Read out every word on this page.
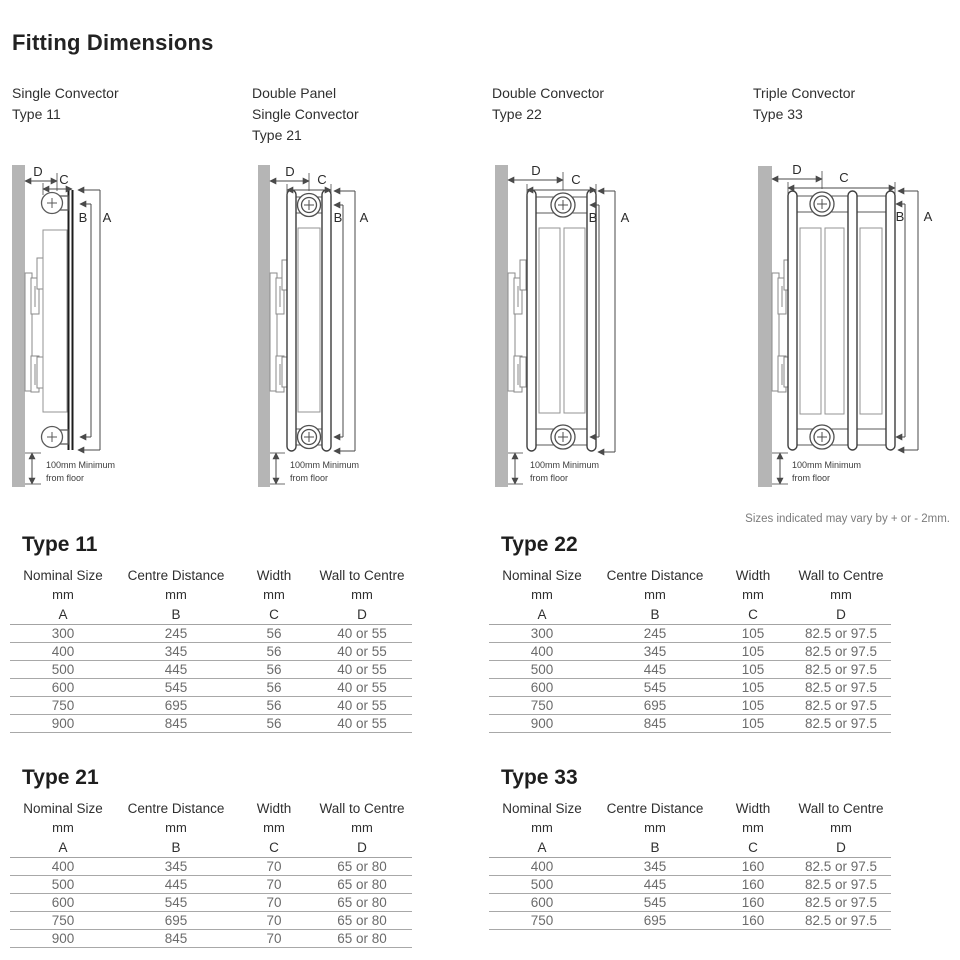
Fitting Dimensions
Single Convector
Type 11
Double Panel
Single Convector
Type 21
Double Convector
Type 22
Triple Convector
Type 33
D
C
B A
100mm Minimum
from floor
D
C
B A
100mm Minimum
from floor
D
C
B A
100mm Minimum
from floor
D
C
B A
100mm Minimum
from floor
Sizes indicated may vary by + or - 2mm.
Type 11
Nominal Size	Centre Distance	Width	Wall to Centre
mm	mm	mm	mm
A	B	C	D
300	245	56	40 or 55
400	345	56	40 or 55
500	445	56	40 or 55
600	545	56	40 or 55
750	695	56	40 or 55
900	845	56	40 or 55
Type 22
Nominal Size	Centre Distance	Width	Wall to Centre
mm	mm	mm	mm
A	B	C	D
300	245	105	82.5 or 97.5
400	345	105	82.5 or 97.5
500	445	105	82.5 or 97.5
600	545	105	82.5 or 97.5
750	695	105	82.5 or 97.5
900	845	105	82.5 or 97.5
Type 21
Nominal Size	Centre Distance	Width	Wall to Centre
mm	mm	mm	mm
A	B	C	D
400	345	70	65 or 80
500	445	70	65 or 80
600	545	70	65 or 80
750	695	70	65 or 80
900	845	70	65 or 80
Type 33
Nominal Size	Centre Distance	Width	Wall to Centre
mm	mm	mm	mm
A	B	C	D
400	345	160	82.5 or 97.5
500	445	160	82.5 or 97.5
600	545	160	82.5 or 97.5
750	695	160	82.5 or 97.5
